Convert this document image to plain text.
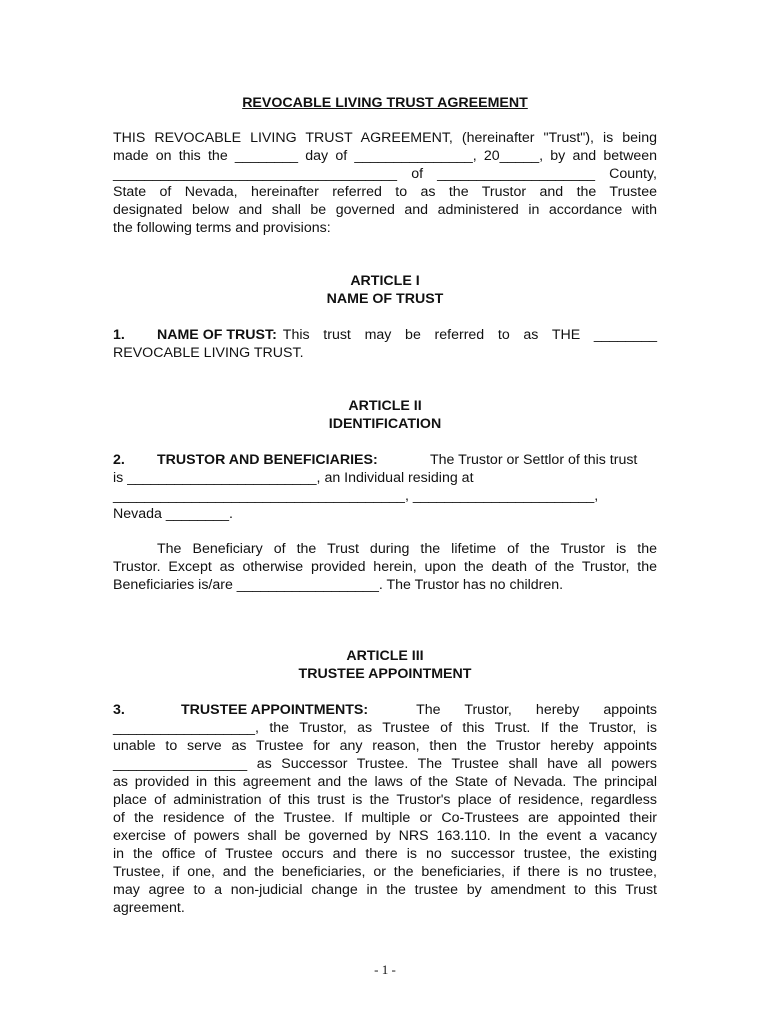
REVOCABLE LIVING TRUST AGREEMENT
THIS REVOCABLE LIVING TRUST AGREEMENT, (hereinafter "Trust"), is being
made on this the ________ day of _______________, 20_____, by and between
____________________________________ of ____________________ County,
State of Nevada, hereinafter referred to as the Trustor and the Trustee
designated below and shall be governed and administered in accordance with
the following terms and provisions:
ARTICLE I
NAME OF TRUST
1. NAME OF TRUST: This trust may be referred to as THE ________
REVOCABLE LIVING TRUST.
ARTICLE II
IDENTIFICATION
2. TRUSTOR AND BENEFICIARIES:	The Trustor or Settlor of this trust
is ________________________, an Individual residing at
_____________________________________, _______________________,
Nevada ________.
The Beneficiary of the Trust during the lifetime of the Trustor is the
Trustor. Except as otherwise provided herein, upon the death of the Trustor, the
Beneficiaries is/are __________________. The Trustor has no children.
ARTICLE III
TRUSTEE APPOINTMENT
3.	TRUSTEE APPOINTMENTS:	The Trustor, hereby appoints
__________________, the Trustor, as Trustee of this Trust. If the Trustor, is
unable to serve as Trustee for any reason, then the Trustor hereby appoints
_________________ as Successor Trustee. The Trustee shall have all powers
as provided in this agreement and the laws of the State of Nevada. The principal
place of administration of this trust is the Trustor's place of residence, regardless
of the residence of the Trustee. If multiple or Co-Trustees are appointed their
exercise of powers shall be governed by NRS 163.110. In the event a vacancy
in the office of Trustee occurs and there is no successor trustee, the existing
Trustee, if one, and the beneficiaries, or the beneficiaries, if there is no trustee,
may agree to a non-judicial change in the trustee by amendment to this Trust
agreement.
- 1 -
